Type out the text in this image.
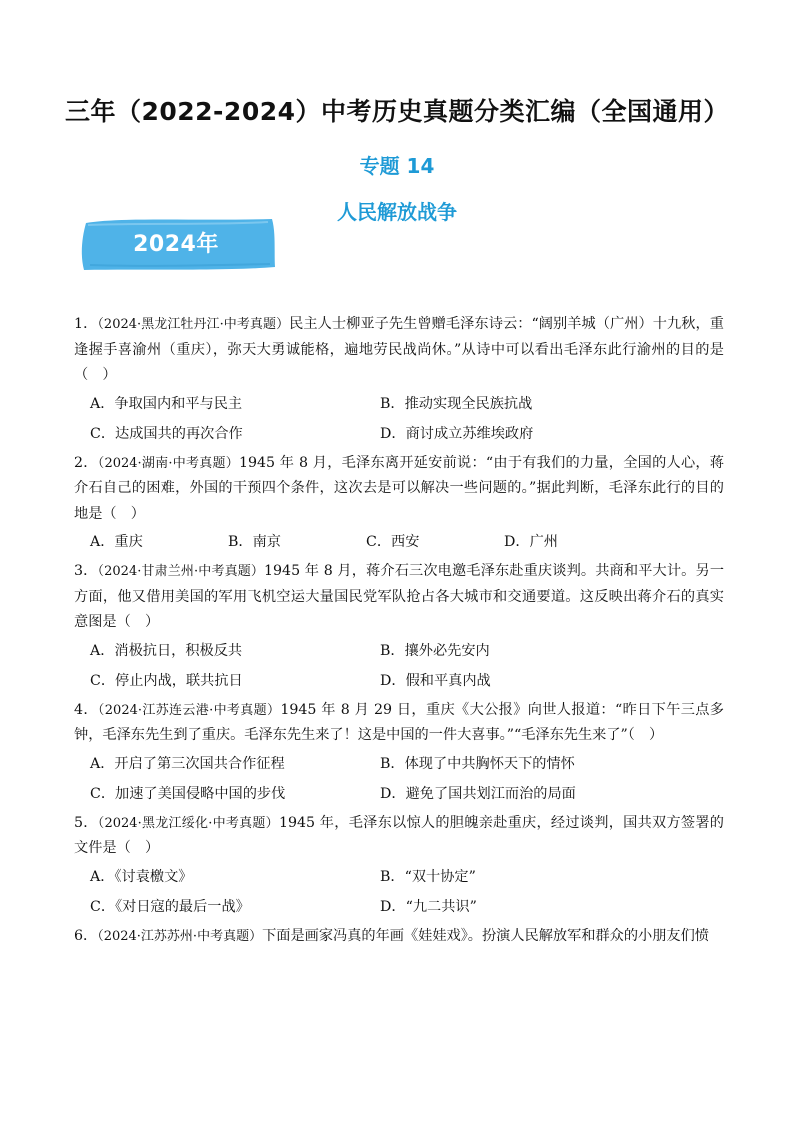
三年（2022-2024）中考历史真题分类汇编（全国通用）
专题 14
人民解放战争
2024年

1．（2024·黑龙江牡丹江·中考真题）民主人士柳亚子先生曾赠毛泽东诗云：“阔别羊城（广州）十九秋，重逢握手喜渝州（重庆），弥天大勇诚能格，遍地劳民战尚休。”从诗中可以看出毛泽东此行渝州的目的是（　）

A．争取国内和平与民主	B．推动实现全民族抗战
C．达成国共的再次合作	D．商讨成立苏维埃政府

2．（2024·湖南·中考真题）1945 年 8 月，毛泽东离开延安前说：“由于有我们的力量，全国的人心，蒋介石自己的困难，外国的干预四个条件，这次去是可以解决一些问题的。”据此判断，毛泽东此行的目的地是（　）

A．重庆	B．南京	C．西安	D．广州

3．（2024·甘肃兰州·中考真题）1945 年 8 月，蒋介石三次电邀毛泽东赴重庆谈判。共商和平大计。另一方面，他又借用美国的军用飞机空运大量国民党军队抢占各大城市和交通要道。这反映出蒋介石的真实意图是（　）

A．消极抗日，积极反共	B．攘外必先安内
C．停止内战，联共抗日	D．假和平真内战

4．（2024·江苏连云港·中考真题）1945 年 8 月 29 日，重庆《大公报》向世人报道：“昨日下午三点多钟，毛泽东先生到了重庆。毛泽东先生来了！这是中国的一件大喜事。”“毛泽东先生来了”（　）

A．开启了第三次国共合作征程	B．体现了中共胸怀天下的情怀
C．加速了美国侵略中国的步伐	D．避免了国共划江而治的局面

5．（2024·黑龙江绥化·中考真题）1945 年，毛泽东以惊人的胆魄亲赴重庆，经过谈判，国共双方签署的文件是（　）

A．《讨袁檄文》	B．“双十协定”
C．《对日寇的最后一战》	D．“九二共识”

6．（2024·江苏苏州·中考真题）下面是画家冯真的年画《娃娃戏》。扮演人民解放军和群众的小朋友们愤
